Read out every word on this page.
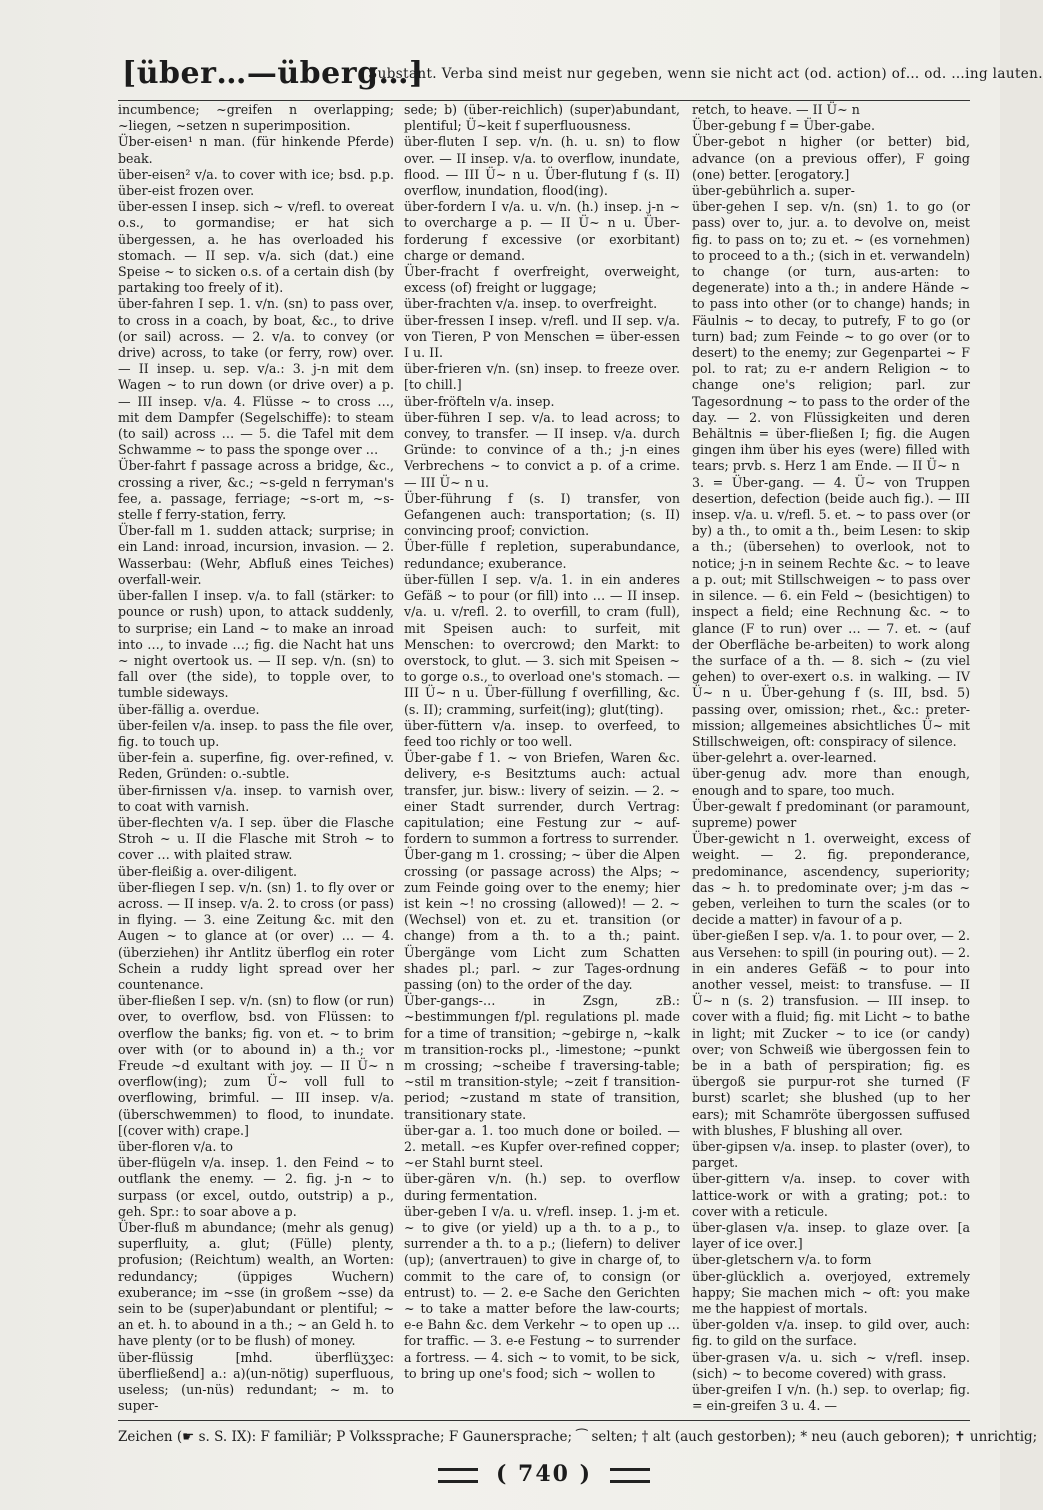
[über…—überg…]
Substant. Verba sind meist nur gegeben, wenn sie nicht act (od. action) of… od. …ing lauten.

incumbence; ~greifen n overlapping; ~liegen, ~setzen n superimposition.

Über-eisen¹ n man. (für hinkende Pferde) beak.

über-eisen² v/a. to cover with ice; bsd. p.p. über-eist frozen over.

über-essen I insep. sich ~ v/refl. to overeat o.s., to gormandise; er hat sich übergessen, a. he has overloaded his stomach. — II sep. v/a. sich (dat.) eine Speise ~ to sicken o.s. of a certain dish (by partaking too freely of it).

über-fahren I sep. 1. v/n. (sn) to pass over, to cross in a coach, by boat, &c., to drive (or sail) across. — 2. v/a. to convey (or drive) across, to take (or ferry, row) over. — II insep. u. sep. v/a.: 3. j-n mit dem Wagen ~ to run down (or drive over) a p. — III insep. v/a. 4. Flüsse ~ to cross …, mit dem Dampfer (Segelschiffe): to steam (to sail) across … — 5. die Tafel mit dem Schwamme ~ to pass the sponge over …

Über-fahrt f passage across a bridge, &c., crossing a river, &c.; ~s-geld n ferryman's fee, a. passage, ferriage; ~s-ort m, ~s-stelle f ferry-station, ferry.

Über-fall m 1. sudden attack; surprise; in ein Land: inroad, incursion, invasion. — 2. Wasserbau: (Wehr, Abfluß eines Teiches) overfall-weir.

über-fallen I insep. v/a. to fall (stärker: to pounce or rush) upon, to attack suddenly, to surprise; ein Land ~ to make an inroad into …, to invade …; fig. die Nacht hat uns ~ night overtook us. — II sep. v/n. (sn) to fall over (the side), to topple over, to tumble sideways.

über-fällig a. overdue.

über-feilen v/a. insep. to pass the file over, fig. to touch up.

über-fein a. superfine, fig. over-refined, v. Reden, Gründen: o.-subtle.

über-firnissen v/a. insep. to varnish over, to coat with varnish.

über-flechten v/a. I sep. über die Flasche Stroh ~ u. II die Flasche mit Stroh ~ to cover … with plaited straw.

über-fleißig a. over-diligent.

über-fliegen I sep. v/n. (sn) 1. to fly over or across. — II insep. v/a. 2. to cross (or pass) in flying. — 3. eine Zeitung &c. mit den Augen ~ to glance at (or over) … — 4. (überziehen) ihr Antlitz überflog ein roter Schein a ruddy light spread over her countenance.

über-fließen I sep. v/n. (sn) to flow (or run) over, to overflow, bsd. von Flüssen: to overflow the banks; fig. von et. ~ to brim over with (or to abound in) a th.; vor Freude ~d exultant with joy. — II Ü~ n overflow(ing); zum Ü~ voll full to overflowing, brimful. — III insep. v/a. (überschwemmen) to flood, to inundate. [(cover with) crape.]

über-floren v/a. to

über-flügeln v/a. insep. 1. den Feind ~ to outflank the enemy. — 2. fig. j-n ~ to surpass (or excel, outdo, outstrip) a p., geh. Spr.: to soar above a p.

Über-fluß m abundance; (mehr als genug) superfluity, a. glut; (Fülle) plenty, profusion; (Reichtum) wealth, an Worten: redundancy; (üppiges Wuchern) exuberance; im ~sse (in großem ~sse) da sein to be (super)abundant or plentiful; ~ an et. h. to abound in a th.; ~ an Geld h. to have plenty (or to be flush) of money.

über-flüssig [mhd. überflüʒʒec: überfließend] a.: a)(un-nötig) superfluous, useless; (un-nüs) redundant; ~ m. to super-

sede; b) (über-reichlich) (super)abundant, plentiful; Ü~keit f superfluousness.

über-fluten I sep. v/n. (h. u. sn) to flow over. — II insep. v/a. to overflow, inundate, flood. — III Ü~ n u. Über-flutung f (s. II) overflow, inundation, flood(ing).

über-fordern I v/a. u. v/n. (h.) insep. j-n ~ to overcharge a p. — II Ü~ n u. Über-forderung f excessive (or exorbitant) charge or demand.

Über-fracht f overfreight, overweight, excess (of) freight or luggage;

über-frachten v/a. insep. to overfreight.

über-fressen I insep. v/refl. und II sep. v/a. von Tieren, P von Menschen = über-essen I u. II.

über-frieren v/n. (sn) insep. to freeze over. [to chill.]

über-fröfteln v/a. insep.

über-führen I sep. v/a. to lead across; to convey, to transfer. — II insep. v/a. durch Gründe: to convince of a th.; j-n eines Verbrechens ~ to convict a p. of a crime. — III Ü~ n u.

Über-führung f (s. I) transfer, von Gefangenen auch: transportation; (s. II) convincing proof; conviction.

Über-fülle f repletion, superabundance, redundance; exuberance.

über-füllen I sep. v/a. 1. in ein anderes Gefäß ~ to pour (or fill) into … — II insep. v/a. u. v/refl. 2. to overfill, to cram (full), mit Speisen auch: to surfeit, mit Menschen: to overcrowd; den Markt: to overstock, to glut. — 3. sich mit Speisen ~ to gorge o.s., to overload one's stomach. — III Ü~ n u. Über-füllung f overfilling, &c. (s. II); cramming, surfeit(ing); glut(ting).

über-füttern v/a. insep. to overfeed, to feed too richly or too well.

Über-gabe f 1. ~ von Briefen, Waren &c. delivery, e-s Besitztums auch: actual transfer, jur. bisw.: livery of seizin. — 2. ~ einer Stadt surrender, durch Vertrag: capitulation; eine Festung zur ~ auf-fordern to summon a fortress to surrender.

Über-gang m 1. crossing; ~ über die Alpen crossing (or passage across) the Alps; ~ zum Feinde going over to the enemy; hier ist kein ~! no crossing (allowed)! — 2. ~ (Wechsel) von et. zu et. transition (or change) from a th. to a th.; paint. Übergänge vom Licht zum Schatten shades pl.; parl. ~ zur Tages-ordnung passing (on) to the order of the day.

Über-gangs-… in Zsgn, zB.: ~bestimmungen f/pl. regulations pl. made for a time of transition; ~gebirge n, ~kalk m transition-rocks pl., -limestone; ~punkt m crossing; ~scheibe f traversing-table; ~stil m transition-style; ~zeit f transition-period; ~zustand m state of transition, transitionary state.

über-gar a. 1. too much done or boiled. — 2. metall. ~es Kupfer over-refined copper; ~er Stahl burnt steel.

über-gären v/n. (h.) sep. to overflow during fermentation.

über-geben I v/a. u. v/refl. insep. 1. j-m et. ~ to give (or yield) up a th. to a p., to surrender a th. to a p.; (liefern) to deliver (up); (anvertrauen) to give in charge of, to commit to the care of, to consign (or entrust) to. — 2. e-e Sache den Gerichten ~ to take a matter before the law-courts; e-e Bahn &c. dem Verkehr ~ to open up … for traffic. — 3. e-e Festung ~ to surrender a fortress. — 4. sich ~ to vomit, to be sick, to bring up one's food; sich ~ wollen to

retch, to heave. — II Ü~ n

Über-gebung f = Über-gabe.

Über-gebot n higher (or better) bid, advance (on a previous offer), F going (one) better. [erogatory.]

über-gebührlich a. super-

über-gehen I sep. v/n. (sn) 1. to go (or pass) over to, jur. a. to devolve on, meist fig. to pass on to; zu et. ~ (es vornehmen) to proceed to a th.; (sich in et. verwandeln) to change (or turn, aus-arten: to degenerate) into a th.; in andere Hände ~ to pass into other (or to change) hands; in Fäulnis ~ to decay, to putrefy, F to go (or turn) bad; zum Feinde ~ to go over (or to desert) to the enemy; zur Gegenpartei ~ F pol. to rat; zu e-r andern Religion ~ to change one's religion; parl. zur Tagesordnung ~ to pass to the order of the day. — 2. von Flüssigkeiten und deren Behältnis = über-fließen I; fig. die Augen gingen ihm über his eyes (were) filled with tears; prvb. s. Herz 1 am Ende. — II Ü~ n

3. = Über-gang. — 4. Ü~ von Truppen desertion, defection (beide auch fig.). — III insep. v/a. u. v/refl. 5. et. ~ to pass over (or by) a th., to omit a th., beim Lesen: to skip a th.; (übersehen) to overlook, not to notice; j-n in seinem Rechte &c. ~ to leave a p. out; mit Stillschweigen ~ to pass over in silence. — 6. ein Feld ~ (besichtigen) to inspect a field; eine Rechnung &c. ~ to glance (F to run) over … — 7. et. ~ (auf der Oberfläche be-arbeiten) to work along the surface of a th. — 8. sich ~ (zu viel gehen) to over-exert o.s. in walking. — IV Ü~ n u. Über-gehung f (s. III, bsd. 5) passing over, omission; rhet., &c.: preter-mission; allgemeines absichtliches Ü~ mit Stillschweigen, oft: conspiracy of silence.

über-gelehrt a. over-learned.

über-genug adv. more than enough, enough and to spare, too much.

Über-gewalt f predominant (or paramount, supreme) power

Über-gewicht n 1. overweight, excess of weight. — 2. fig. preponderance, predominance, ascendency, superiority; das ~ h. to predominate over; j-m das ~ geben, verleihen to turn the scales (or to decide a matter) in favour of a p.

über-gießen I sep. v/a. 1. to pour over, — 2. aus Versehen: to spill (in pouring out). — 2. in ein anderes Gefäß ~ to pour into another vessel, meist: to transfuse. — II Ü~ n (s. 2) transfusion. — III insep. to cover with a fluid; fig. mit Licht ~ to bathe in light; mit Zucker ~ to ice (or candy) over; von Schweiß wie übergossen fein to be in a bath of perspiration; fig. es übergoß sie purpur-rot she turned (F burst) scarlet; she blushed (up to her ears); mit Schamröte übergossen suffused with blushes, F blushing all over.

über-gipsen v/a. insep. to plaster (over), to parget.

über-gittern v/a. insep. to cover with lattice-work or with a grating; pot.: to cover with a reticule.

über-glasen v/a. insep. to glaze over. [a layer of ice over.]

über-gletschern v/a. to form

über-glücklich a. overjoyed, extremely happy; Sie machen mich ~ oft: you make me the happiest of mortals.

über-golden v/a. insep. to gild over, auch: fig. to gild on the surface.

über-grasen v/a. u. sich ~ v/refl. insep. (sich) ~ to become covered) with grass.

über-greifen I v/n. (h.) sep. to overlap; fig. = ein-greifen 3 u. 4. —

Zeichen (☛ s. S. IX): F familiär; P Volkssprache; F Gaunersprache; ⁀ selten; † alt (auch gestorben); * neu (auch geboren); ✝ unrichtig;
( 740 )
